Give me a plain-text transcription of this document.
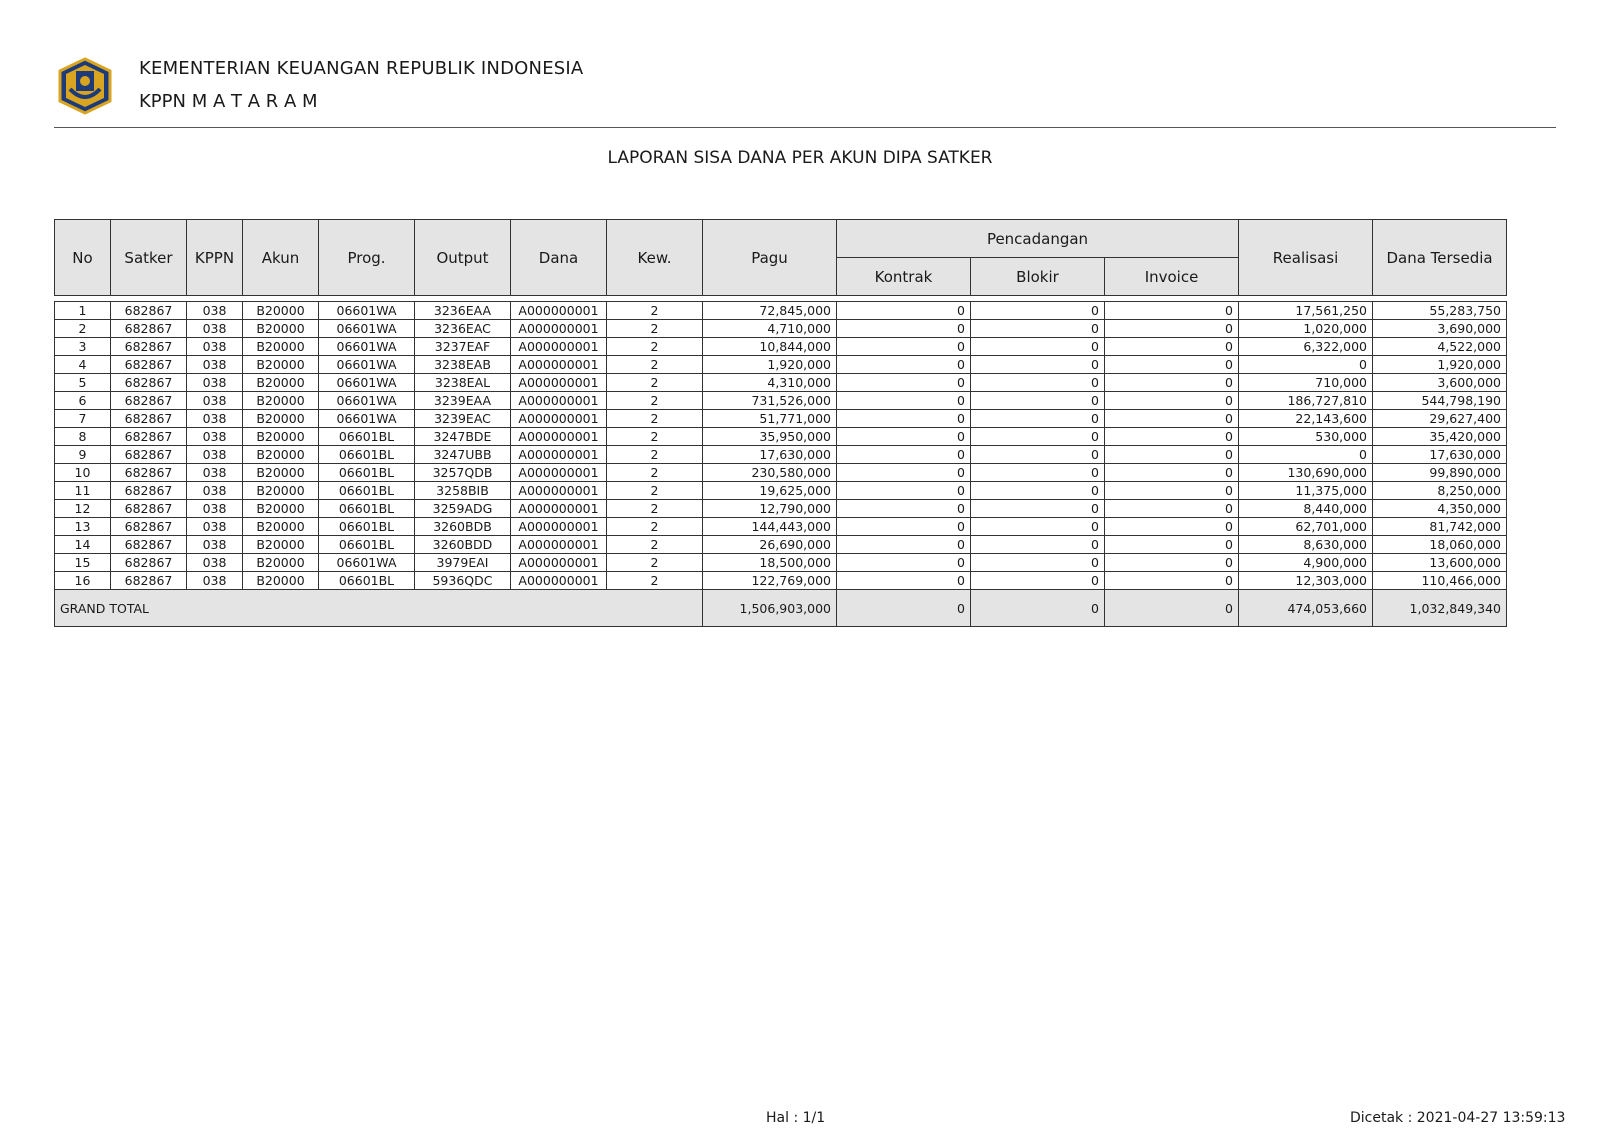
KEMENTERIAN KEUANGAN REPUBLIK INDONESIA
KPPN M A T A R A M
LAPORAN SISA DANA PER AKUN DIPA SATKER
No	Satker	KPPN	Akun	Prog.	Output	Dana	Kew.	Pagu	Pencadangan			Realisasi	Dana Tersedia
									Kontrak	Blokir	Invoice		
1	682867	038	B20000	06601WA	3236EAA	A000000001	2	72,845,000	0	0	0	17,561,250	55,283,750
2	682867	038	B20000	06601WA	3236EAC	A000000001	2	4,710,000	0	0	0	1,020,000	3,690,000
3	682867	038	B20000	06601WA	3237EAF	A000000001	2	10,844,000	0	0	0	6,322,000	4,522,000
4	682867	038	B20000	06601WA	3238EAB	A000000001	2	1,920,000	0	0	0	0	1,920,000
5	682867	038	B20000	06601WA	3238EAL	A000000001	2	4,310,000	0	0	0	710,000	3,600,000
6	682867	038	B20000	06601WA	3239EAA	A000000001	2	731,526,000	0	0	0	186,727,810	544,798,190
7	682867	038	B20000	06601WA	3239EAC	A000000001	2	51,771,000	0	0	0	22,143,600	29,627,400
8	682867	038	B20000	06601BL	3247BDE	A000000001	2	35,950,000	0	0	0	530,000	35,420,000
9	682867	038	B20000	06601BL	3247UBB	A000000001	2	17,630,000	0	0	0	0	17,630,000
10	682867	038	B20000	06601BL	3257QDB	A000000001	2	230,580,000	0	0	0	130,690,000	99,890,000
11	682867	038	B20000	06601BL	3258BIB	A000000001	2	19,625,000	0	0	0	11,375,000	8,250,000
12	682867	038	B20000	06601BL	3259ADG	A000000001	2	12,790,000	0	0	0	8,440,000	4,350,000
13	682867	038	B20000	06601BL	3260BDB	A000000001	2	144,443,000	0	0	0	62,701,000	81,742,000
14	682867	038	B20000	06601BL	3260BDD	A000000001	2	26,690,000	0	0	0	8,630,000	18,060,000
15	682867	038	B20000	06601WA	3979EAI	A000000001	2	18,500,000	0	0	0	4,900,000	13,600,000
16	682867	038	B20000	06601BL	5936QDC	A000000001	2	122,769,000	0	0	0	12,303,000	110,466,000
GRAND TOTAL								1,506,903,000	0	0	0	474,053,660	1,032,849,340
Hal : 1/1	Dicetak : 2021-04-27 13:59:13
